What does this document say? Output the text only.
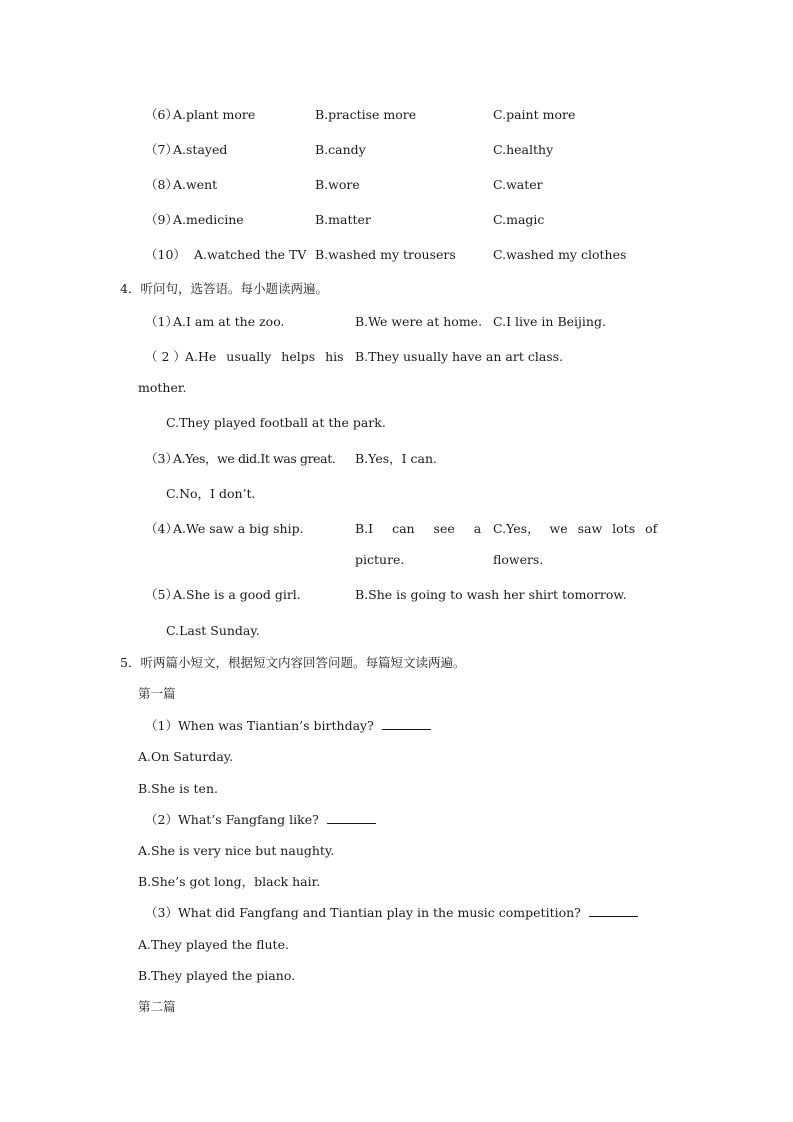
（6）
A.plant more	B.practise more	C.paint more
（7）
A.stayed	B.candy	C.healthy
（8）
A.went	B.wore	C.water
（9）
A.medicine	B.matter	C.magic
（10） A.watched the TV B.washed my trousers	C.washed my clothes
4．听问句，选答语。每小题读两遍。
（1）
A.I am at the zoo.	B.We were at home. C.I live in Beijing.
（ 2 ） A.He usually helps his
mother.
B.They usually have an art class.
C.They played football at the park.
（3）
A.Yes，we did.It was great. B.Yes，I can.
C.No，I don’t.
（4）
A.We saw a big ship.	B.I can see a
picture.
C.Yes， we saw lots of
flowers.
（5）
A.She is a good girl.	B.She is going to wash her shirt tomorrow.
C.Last Sunday.
5．听两篇小短文，根据短文内容回答问题。每篇短文读两遍。
第一篇
（1）When was Tiantian’s birthday?
A.On Saturday.
B.She is ten.
（2）What’s Fangfang like?
A.She is very nice but naughty.
B.She’s got long，black hair.
（3）What did Fangfang and Tiantian play in the music competition?
A.They played the flute.
B.They played the piano.
第二篇
